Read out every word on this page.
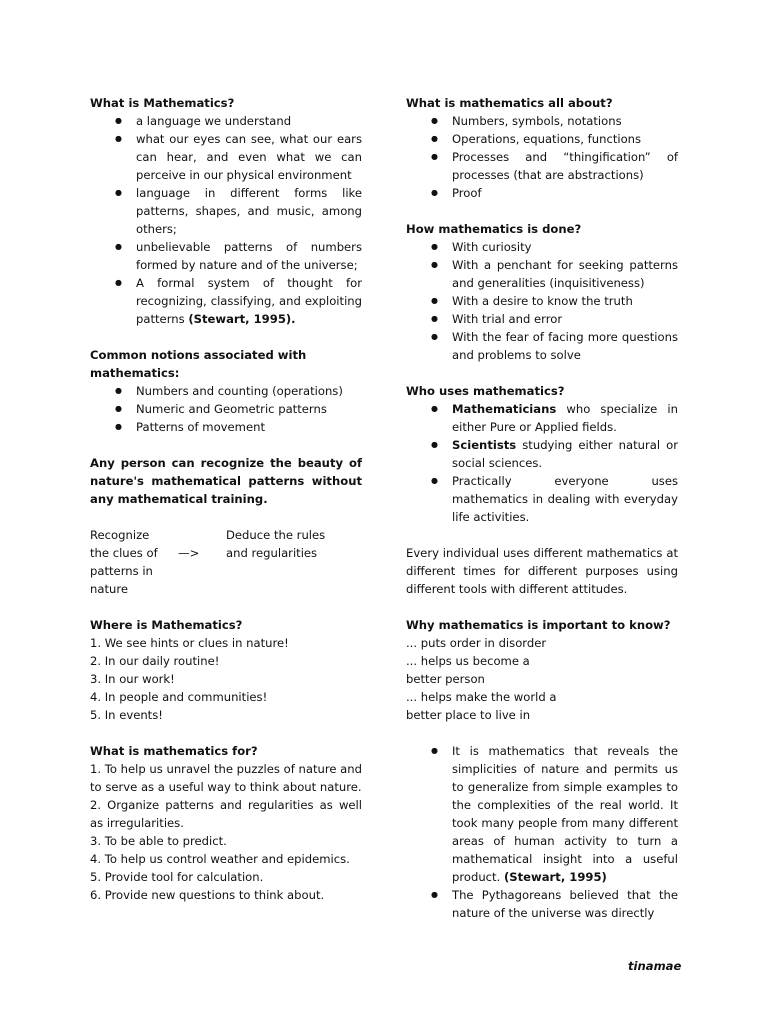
What is Mathematics?

● a language we understand
● what our eyes can see, what our ears can hear, and even what we can perceive in our physical environment
● language in different forms like patterns, shapes, and music, among others;
● unbelievable patterns of numbers formed by nature and of the universe;
● A formal system of thought for recognizing, classifying, and exploiting patterns (Stewart, 1995).

Common notions associated with mathematics:

● Numbers and counting (operations)
● Numeric and Geometric patterns
● Patterns of movement

Any person can recognize the beauty of nature's mathematical patterns without any mathematical training.

Recognize the clues of patterns in nature
—>
Deduce the rules and regularities

Where is Mathematics?

1. We see hints or clues in nature!
2. In our daily routine!
3. In our work!
4. In people and communities!
5. In events!

What is mathematics for?

1. To help us unravel the puzzles of nature and to serve as a useful way to think about nature.
2. Organize patterns and regularities as well as irregularities.
3. To be able to predict.
4. To help us control weather and epidemics.
5. Provide tool for calculation.
6. Provide new questions to think about.

What is mathematics all about?

● Numbers, symbols, notations
● Operations, equations, functions
● Processes and “thingification” of processes (that are abstractions)
● Proof

How mathematics is done?

● With curiosity
● With a penchant for seeking patterns and generalities (inquisitiveness)
● With a desire to know the truth
● With trial and error
● With the fear of facing more questions and problems to solve

Who uses mathematics?

● Mathematicians who specialize in either Pure or Applied fields.
● Scientists studying either natural or social sciences.
● Practically everyone uses mathematics in dealing with everyday life activities.

Every individual uses different mathematics at different times for different purposes using different tools with different attitudes.

Why mathematics is important to know?

... puts order in disorder

... helps us become a

better person

... helps make the world a

better place to live in

● It is mathematics that reveals the simplicities of nature and permits us to generalize from simple examples to the complexities of the real world. It took many people from many different areas of human activity to turn a mathematical insight into a useful product. (Stewart, 1995)
● The Pythagoreans believed that the nature of the universe was directly
tinamae
